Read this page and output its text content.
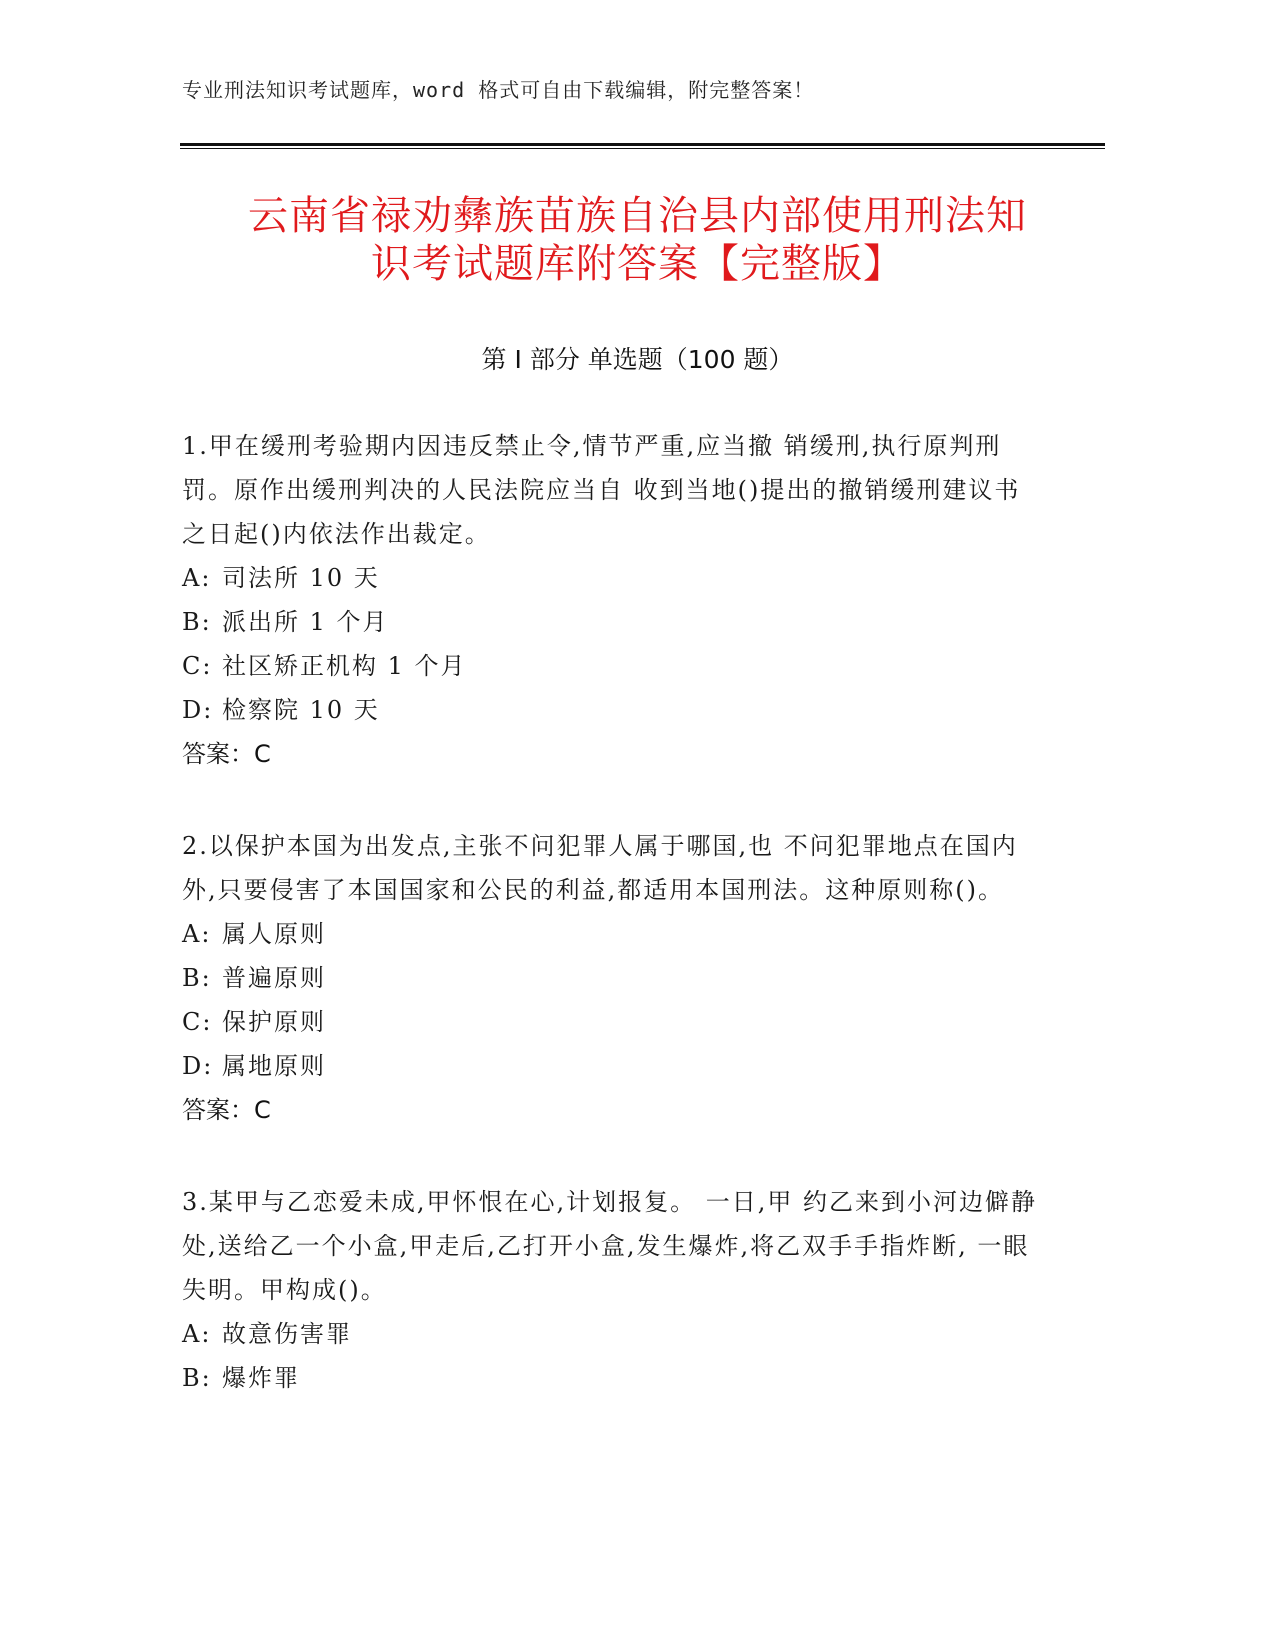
专业刑法知识考试题库，word 格式可自由下载编辑，附完整答案！
云南省禄劝彝族苗族自治县内部使用刑法知
识考试题库附答案【完整版】
第 I 部分 单选题（100 题）
1.甲在缓刑考验期内因违反禁止令,情节严重,应当撤 销缓刑,执行原判刑罚。原作出缓刑判决的人民法院应当自 收到当地()提出的撤销缓刑建议书之日起()内依法作出裁定。
A: 司法所 10 天
B: 派出所 1 个月
C: 社区矫正机构 1 个月
D: 检察院 10 天
答案：C
2.以保护本国为出发点,主张不问犯罪人属于哪国,也 不问犯罪地点在国内外,只要侵害了本国国家和公民的利益,都适用本国刑法。这种原则称()。
A: 属人原则
B: 普遍原则
C: 保护原则
D: 属地原则
答案：C
3.某甲与乙恋爱未成,甲怀恨在心,计划报复。 一日,甲 约乙来到小河边僻静处,送给乙一个小盒,甲走后,乙打开小盒,发生爆炸,将乙双手手指炸断, 一眼失明。甲构成()。
A: 故意伤害罪
B: 爆炸罪
